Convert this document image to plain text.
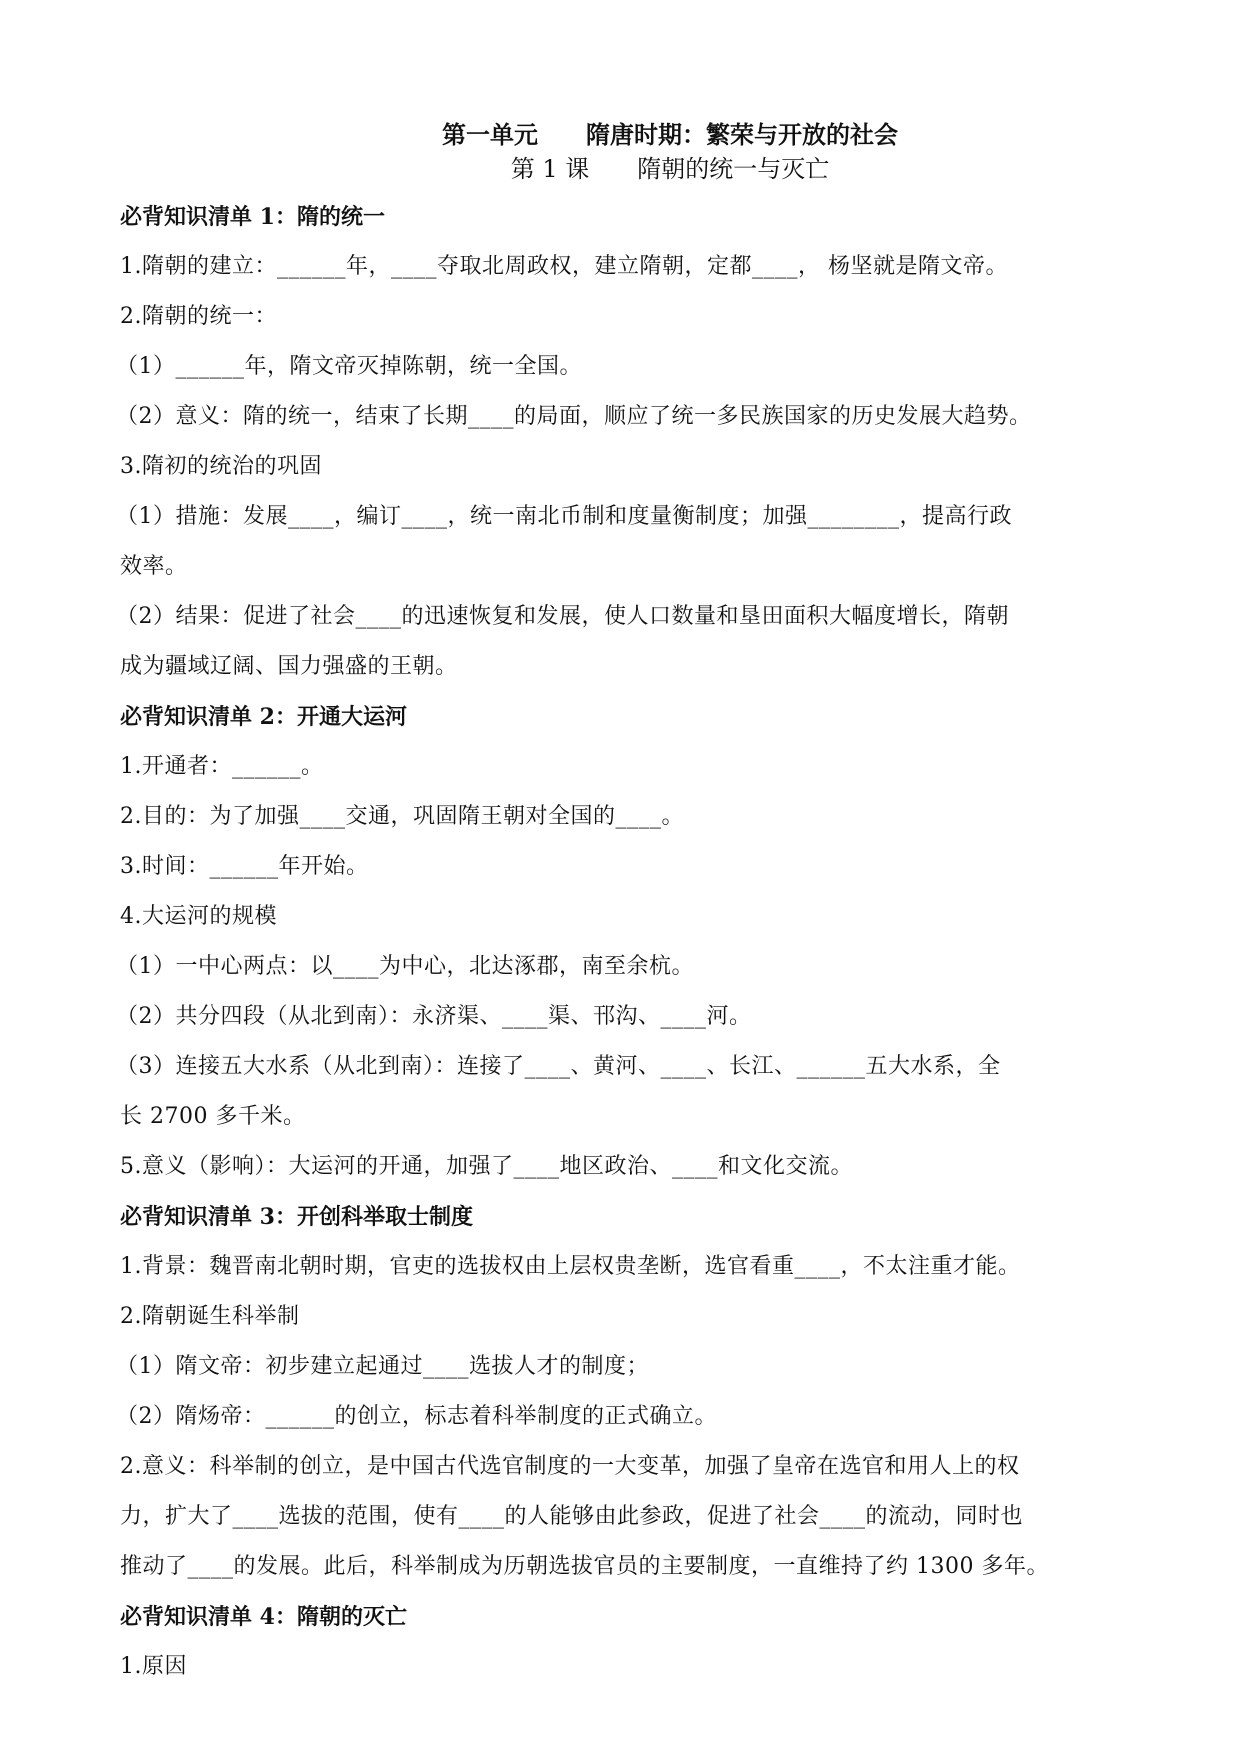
第一单元　　隋唐时期：繁荣与开放的社会
第 1 课　　隋朝的统一与灭亡
必背知识清单 1：隋的统一
1.隋朝的建立：______年，____夺取北周政权，建立隋朝，定都____， 杨坚就是隋文帝。
2.隋朝的统一：
（1）______年，隋文帝灭掉陈朝，统一全国。
（2）意义：隋的统一，结束了长期____的局面，顺应了统一多民族国家的历史发展大趋势。
3.隋初的统治的巩固
（1）措施：发展____，编订____，统一南北币制和度量衡制度；加强________，提高行政
效率。
（2）结果：促进了社会____的迅速恢复和发展，使人口数量和垦田面积大幅度增长，隋朝
成为疆域辽阔、国力强盛的王朝。
必背知识清单 2：开通大运河
1.开通者：______。
2.目的：为了加强____交通，巩固隋王朝对全国的____。
3.时间：______年开始。
4.大运河的规模
（1）一中心两点：以____为中心，北达涿郡，南至余杭。
（2）共分四段（从北到南）：永济渠、____渠、邗沟、____河。
（3）连接五大水系（从北到南）：连接了____、黄河、____、长江、______五大水系，全
长 2700 多千米。
5.意义（影响）：大运河的开通，加强了____地区政治、____和文化交流。
必背知识清单 3：开创科举取士制度
1.背景：魏晋南北朝时期，官吏的选拔权由上层权贵垄断，选官看重____，不太注重才能。
2.隋朝诞生科举制
（1）隋文帝：初步建立起通过____选拔人才的制度；
（2）隋炀帝：______的创立，标志着科举制度的正式确立。
2.意义：科举制的创立，是中国古代选官制度的一大变革，加强了皇帝在选官和用人上的权
力，扩大了____选拔的范围，使有____的人能够由此参政，促进了社会____的流动，同时也
推动了____的发展。此后，科举制成为历朝选拔官员的主要制度，一直维持了约 1300 多年。
必背知识清单 4：隋朝的灭亡
1.原因
